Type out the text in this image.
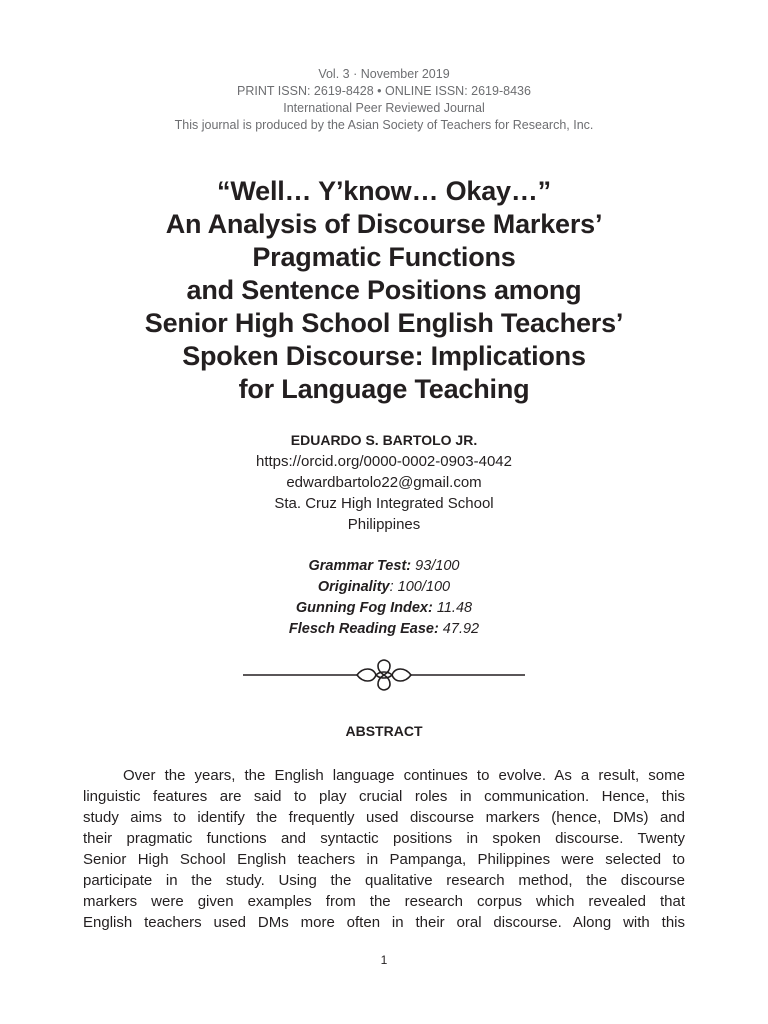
Vol. 3 · November 2019
PRINT ISSN: 2619-8428 • ONLINE ISSN: 2619-8436
International Peer Reviewed Journal
This journal is produced by the Asian Society of Teachers for Research, Inc.
“Well… Y’know… Okay…”
An Analysis of Discourse Markers’
Pragmatic Functions
and Sentence Positions among
Senior High School English Teachers’
Spoken Discourse: Implications
for Language Teaching
EDUARDO S. BARTOLO JR.
https://orcid.org/0000-0002-0903-4042
edwardbartolo22@gmail.com
Sta. Cruz High Integrated School
Philippines
Grammar Test: 93/100
Originality: 100/100
Gunning Fog Index: 11.48
Flesch Reading Ease: 47.92
ABSTRACT
Over the years, the English language continues to evolve. As a result, some
linguistic features are said to play crucial roles in communication. Hence, this
study aims to identify the frequently used discourse markers (hence, DMs) and
their pragmatic functions and syntactic positions in spoken discourse. Twenty
Senior High School English teachers in Pampanga, Philippines were selected to
participate in the study. Using the qualitative research method, the discourse
markers were given examples from the research corpus which revealed that
English teachers used DMs more often in their oral discourse. Along with this
1
